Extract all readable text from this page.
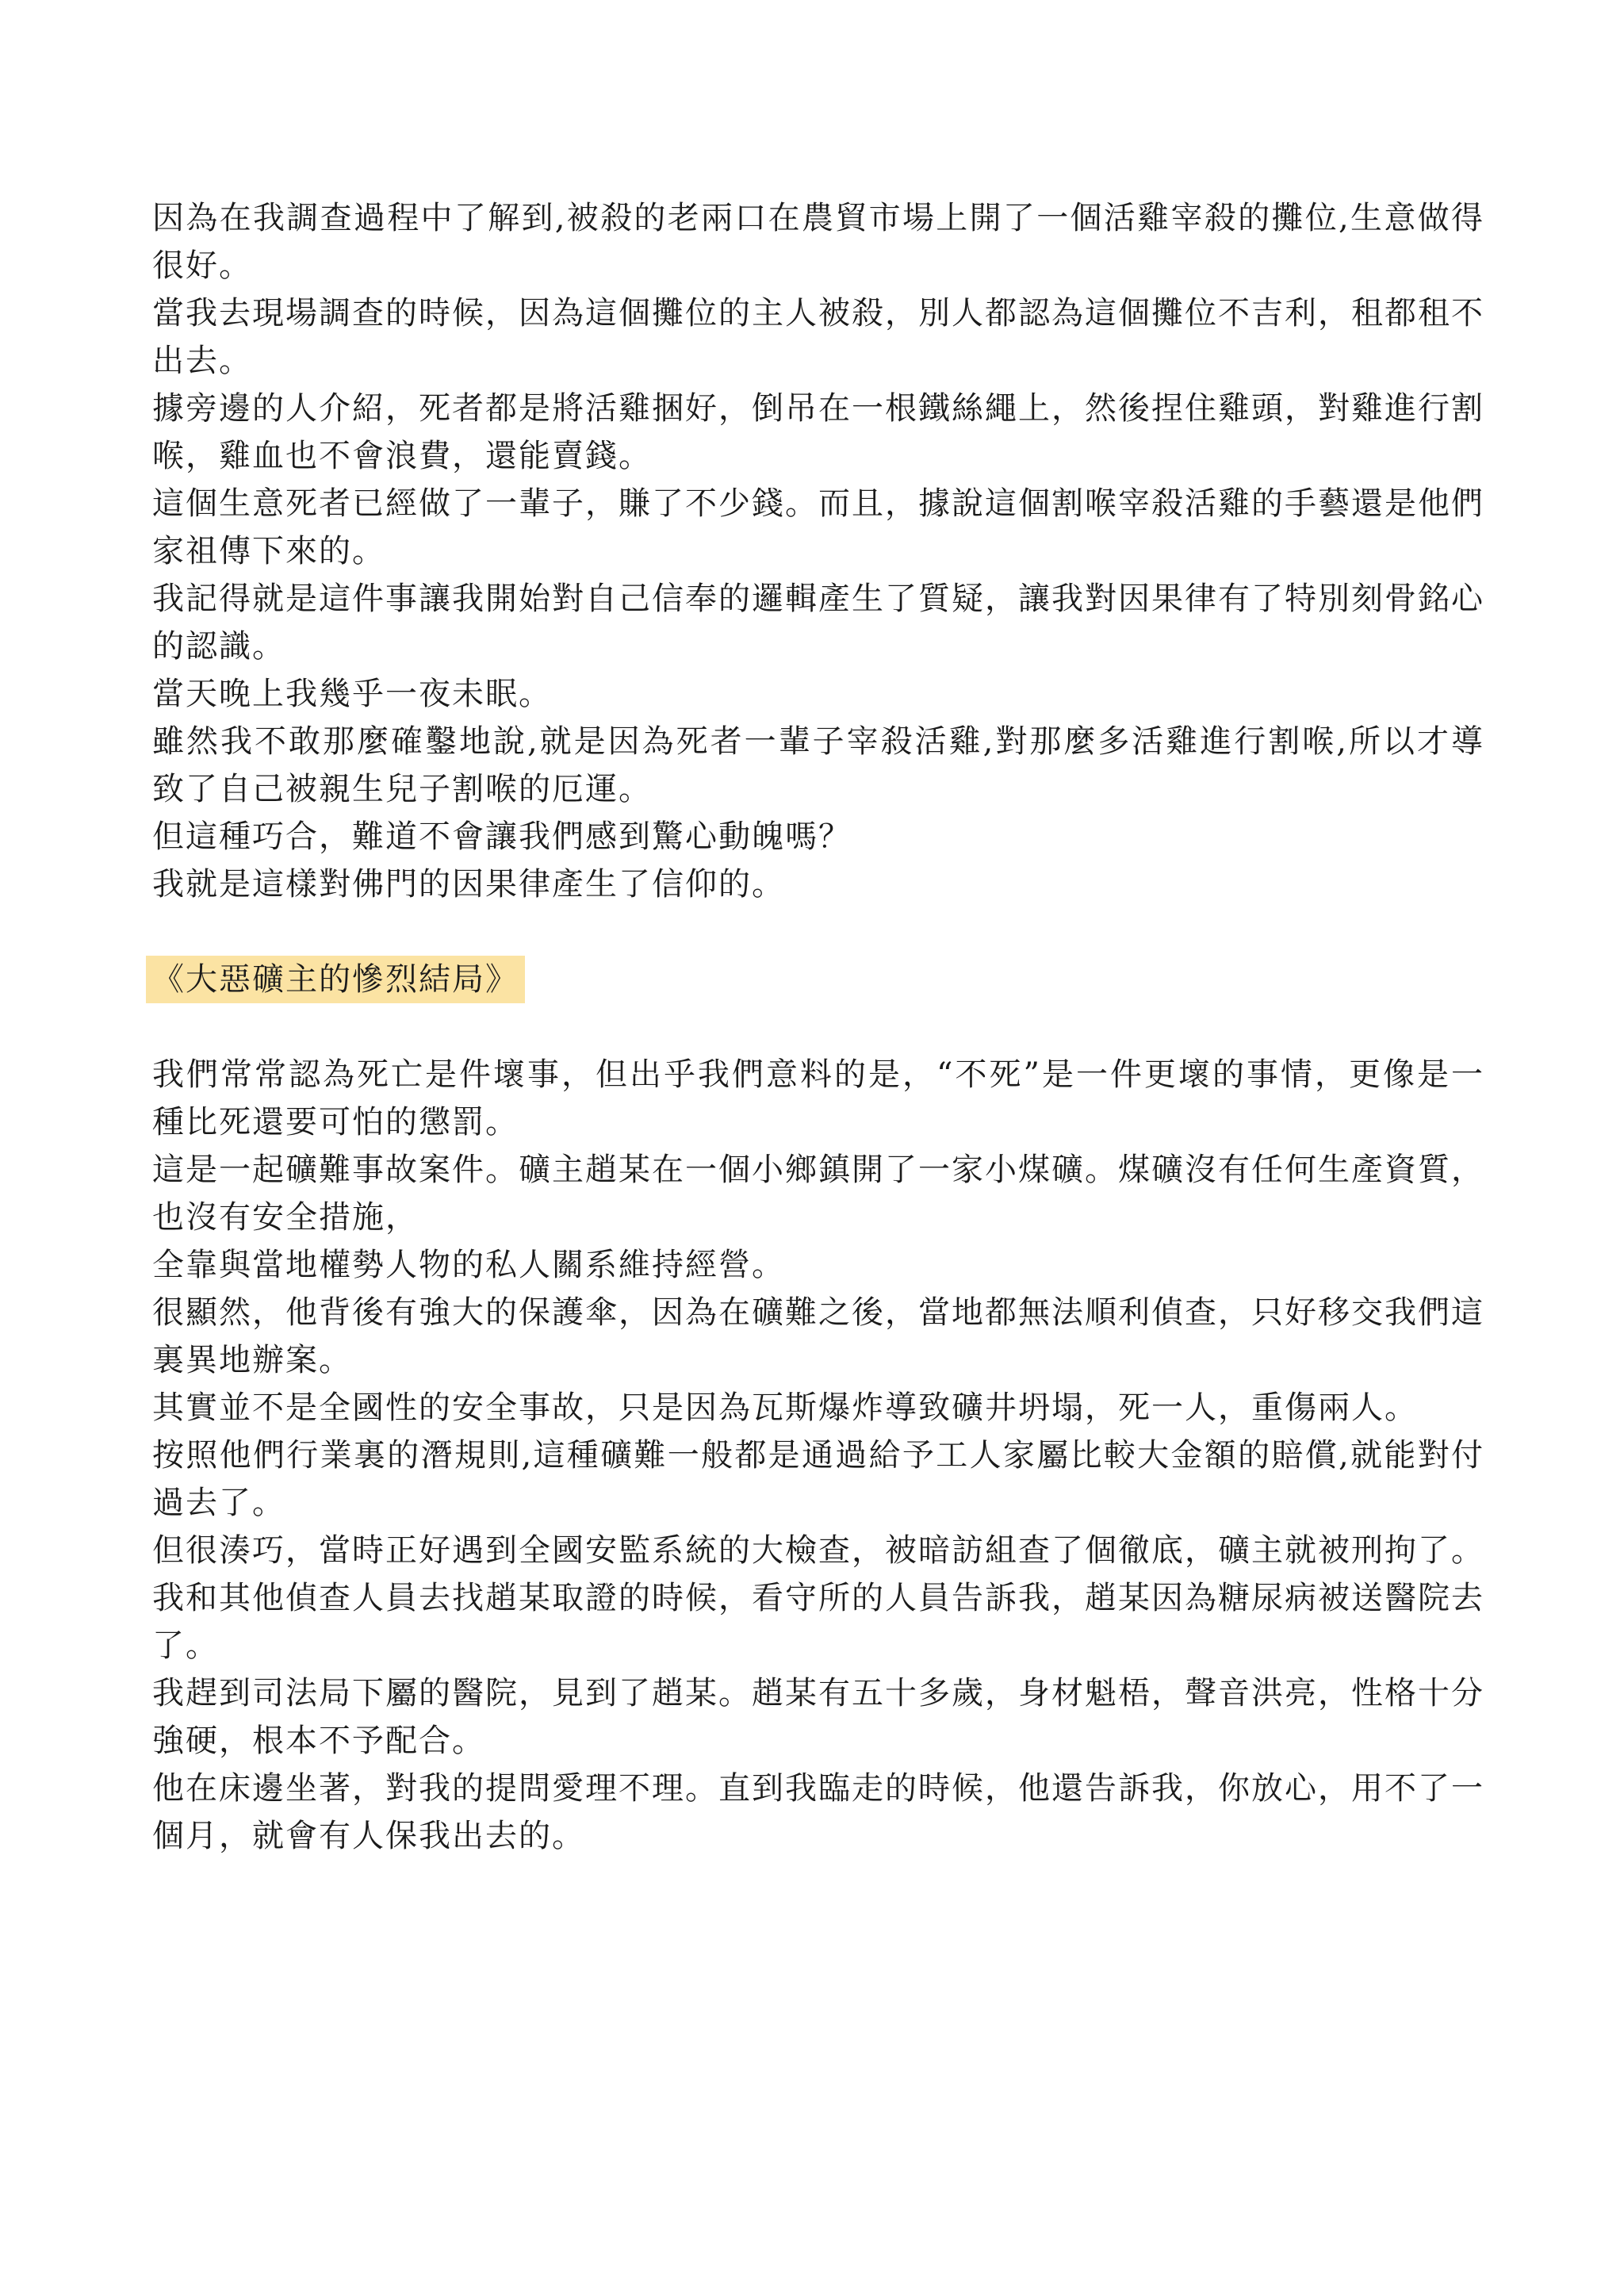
因為在我調查過程中了解到,被殺的老兩口在農貿市場上開了一個活雞宰殺的攤位,生意做得很好。

當我去現場調查的時候，因為這個攤位的主人被殺，別人都認為這個攤位不吉利，租都租不出去。

據旁邊的人介紹，死者都是將活雞捆好，倒吊在一根鐵絲繩上，然後捏住雞頭，對雞進行割喉，雞血也不會浪費，還能賣錢。

這個生意死者已經做了一輩子，賺了不少錢。而且，據說這個割喉宰殺活雞的手藝還是他們家祖傳下來的。

我記得就是這件事讓我開始對自己信奉的邏輯產生了質疑，讓我對因果律有了特別刻骨銘心的認識。

當天晚上我幾乎一夜未眠。

雖然我不敢那麼確鑿地說,就是因為死者一輩子宰殺活雞,對那麼多活雞進行割喉,所以才導致了自己被親生兒子割喉的厄運。

但這種巧合，難道不會讓我們感到驚心動魄嗎？

我就是這樣對佛門的因果律產生了信仰的。

《大惡礦主的慘烈結局》

我們常常認為死亡是件壞事，但出乎我們意料的是，“不死”是一件更壞的事情，更像是一種比死還要可怕的懲罰。

這是一起礦難事故案件。礦主趙某在一個小鄉鎮開了一家小煤礦。煤礦沒有任何生產資質，也沒有安全措施，

全靠與當地權勢人物的私人關系維持經營。

很顯然，他背後有強大的保護傘，因為在礦難之後，當地都無法順利偵查，只好移交我們這裏異地辦案。

其實並不是全國性的安全事故，只是因為瓦斯爆炸導致礦井坍塌，死一人，重傷兩人。

按照他們行業裏的潛規則,這種礦難一般都是通過給予工人家屬比較大金額的賠償,就能對付過去了。

但很湊巧，當時正好遇到全國安監系統的大檢查，被暗訪組查了個徹底，礦主就被刑拘了。

我和其他偵查人員去找趙某取證的時候，看守所的人員告訴我，趙某因為糖尿病被送醫院去了。

我趕到司法局下屬的醫院，見到了趙某。趙某有五十多歲，身材魁梧，聲音洪亮，性格十分強硬，根本不予配合。

他在床邊坐著，對我的提問愛理不理。直到我臨走的時候，他還告訴我，你放心，用不了一個月，就會有人保我出去的。
